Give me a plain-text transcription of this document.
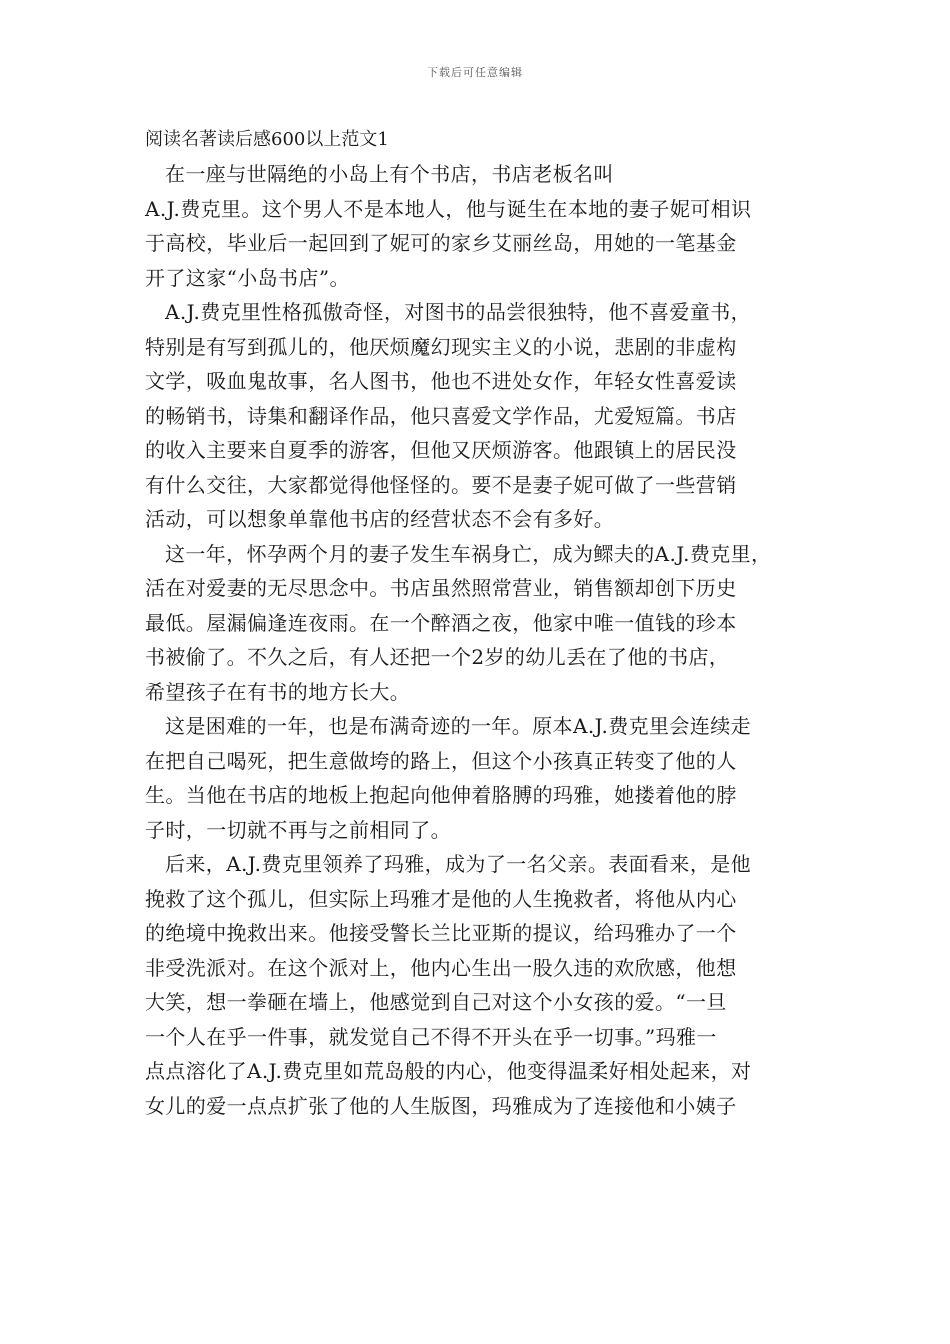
下载后可任意编辑
阅读名著读后感600以上范文1

在一座与世隔绝的小岛上有个书店，书店老板名叫
A.J.费克里。这个男人不是本地人，他与诞生在本地的妻子妮可相识
于高校，毕业后一起回到了妮可的家乡艾丽丝岛，用她的一笔基金
开了这家“小岛书店”。

A.J.费克里性格孤傲奇怪，对图书的品尝很独特，他不喜爱童书，
特别是有写到孤儿的，他厌烦魔幻现实主义的小说，悲剧的非虚构
文学，吸血鬼故事，名人图书，他也不进处女作，年轻女性喜爱读
的畅销书，诗集和翻译作品，他只喜爱文学作品，尤爱短篇。书店
的收入主要来自夏季的游客，但他又厌烦游客。他跟镇上的居民没
有什么交往，大家都觉得他怪怪的。要不是妻子妮可做了一些营销
活动，可以想象单靠他书店的经营状态不会有多好。

这一年，怀孕两个月的妻子发生车祸身亡，成为鳏夫的A.J.费克里，
活在对爱妻的无尽思念中。书店虽然照常营业，销售额却创下历史
最低。屋漏偏逢连夜雨。在一个醉酒之夜，他家中唯一值钱的珍本
书被偷了。不久之后，有人还把一个2岁的幼儿丢在了他的书店，
希望孩子在有书的地方长大。

这是困难的一年，也是布满奇迹的一年。原本A.J.费克里会连续走
在把自己喝死，把生意做垮的路上，但这个小孩真正转变了他的人
生。当他在书店的地板上抱起向他伸着胳膊的玛雅，她搂着他的脖
子时，一切就不再与之前相同了。

后来，A.J.费克里领养了玛雅，成为了一名父亲。表面看来，是他
挽救了这个孤儿，但实际上玛雅才是他的人生挽救者，将他从内心
的绝境中挽救出来。他接受警长兰比亚斯的提议，给玛雅办了一个
非受洗派对。在这个派对上，他内心生出一股久违的欢欣感，他想
大笑，想一拳砸在墙上，他感觉到自己对这个小女孩的爱。“一旦
一个人在乎一件事，就发觉自己不得不开头在乎一切事。”玛雅一
点点溶化了A.J.费克里如荒岛般的内心，他变得温柔好相处起来，对
女儿的爱一点点扩张了他的人生版图，玛雅成为了连接他和小姨子
